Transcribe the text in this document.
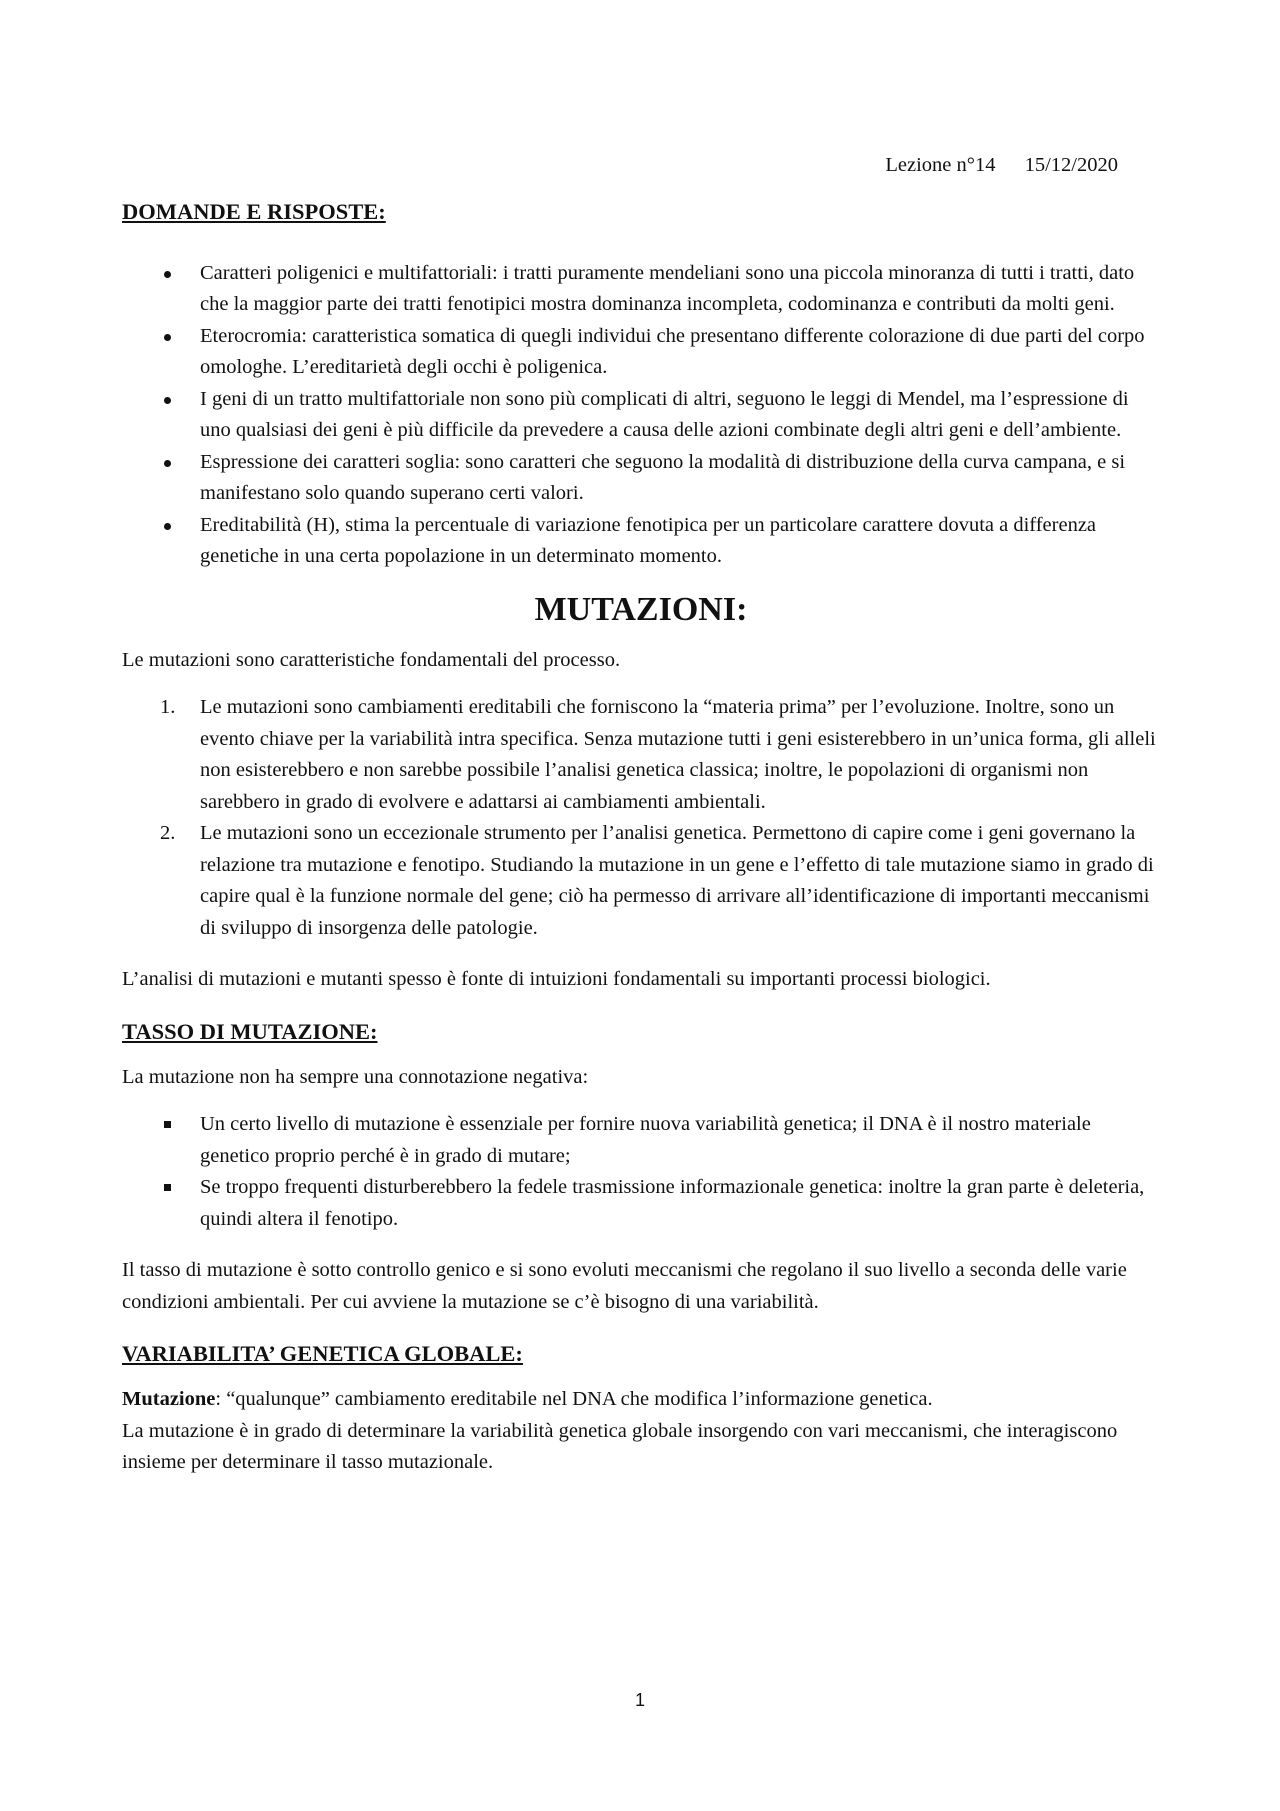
Lezione n°14 15/12/2020
DOMANDE E RISPOSTE:
Caratteri poligenici e multifattoriali: i tratti puramente mendeliani sono una piccola minoranza di tutti i tratti, dato che la maggior parte dei tratti fenotipici mostra dominanza incompleta, codominanza e contributi da molti geni.
Eterocromia: caratteristica somatica di quegli individui che presentano differente colorazione di due parti del corpo omologhe. L’ereditarietà degli occhi è poligenica.
I geni di un tratto multifattoriale non sono più complicati di altri, seguono le leggi di Mendel, ma l’espressione di uno qualsiasi dei geni è più difficile da prevedere a causa delle azioni combinate degli altri geni e dell’ambiente.
Espressione dei caratteri soglia: sono caratteri che seguono la modalità di distribuzione della curva campana, e si manifestano solo quando superano certi valori.
Ereditabilità (H), stima la percentuale di variazione fenotipica per un particolare carattere dovuta a differenza genetiche in una certa popolazione in un determinato momento.
MUTAZIONI:

Le mutazioni sono caratteristiche fondamentali del processo.

1. Le mutazioni sono cambiamenti ereditabili che forniscono la “materia prima” per l’evoluzione. Inoltre, sono un evento chiave per la variabilità intra specifica. Senza mutazione tutti i geni esisterebbero in un’unica forma, gli alleli non esisterebbero e non sarebbe possibile l’analisi genetica classica; inoltre, le popolazioni di organismi non sarebbero in grado di evolvere e adattarsi ai cambiamenti ambientali.
2. Le mutazioni sono un eccezionale strumento per l’analisi genetica. Permettono di capire come i geni governano la relazione tra mutazione e fenotipo. Studiando la mutazione in un gene e l’effetto di tale mutazione siamo in grado di capire qual è la funzione normale del gene; ciò ha permesso di arrivare all’identificazione di importanti meccanismi di sviluppo di insorgenza delle patologie.

L’analisi di mutazioni e mutanti spesso è fonte di intuizioni fondamentali su importanti processi biologici.

TASSO DI MUTAZIONE:

La mutazione non ha sempre una connotazione negativa:

Un certo livello di mutazione è essenziale per fornire nuova variabilità genetica; il DNA è il nostro materiale genetico proprio perché è in grado di mutare;
Se troppo frequenti disturberebbero la fedele trasmissione informazionale genetica: inoltre la gran parte è deleteria, quindi altera il fenotipo.

Il tasso di mutazione è sotto controllo genico e si sono evoluti meccanismi che regolano il suo livello a seconda delle varie condizioni ambientali. Per cui avviene la mutazione se c’è bisogno di una variabilità.

VARIABILITA’ GENETICA GLOBALE:

Mutazione: “qualunque” cambiamento ereditabile nel DNA che modifica l’informazione genetica.

La mutazione è in grado di determinare la variabilità genetica globale insorgendo con vari meccanismi, che interagiscono insieme per determinare il tasso mutazionale.

1
